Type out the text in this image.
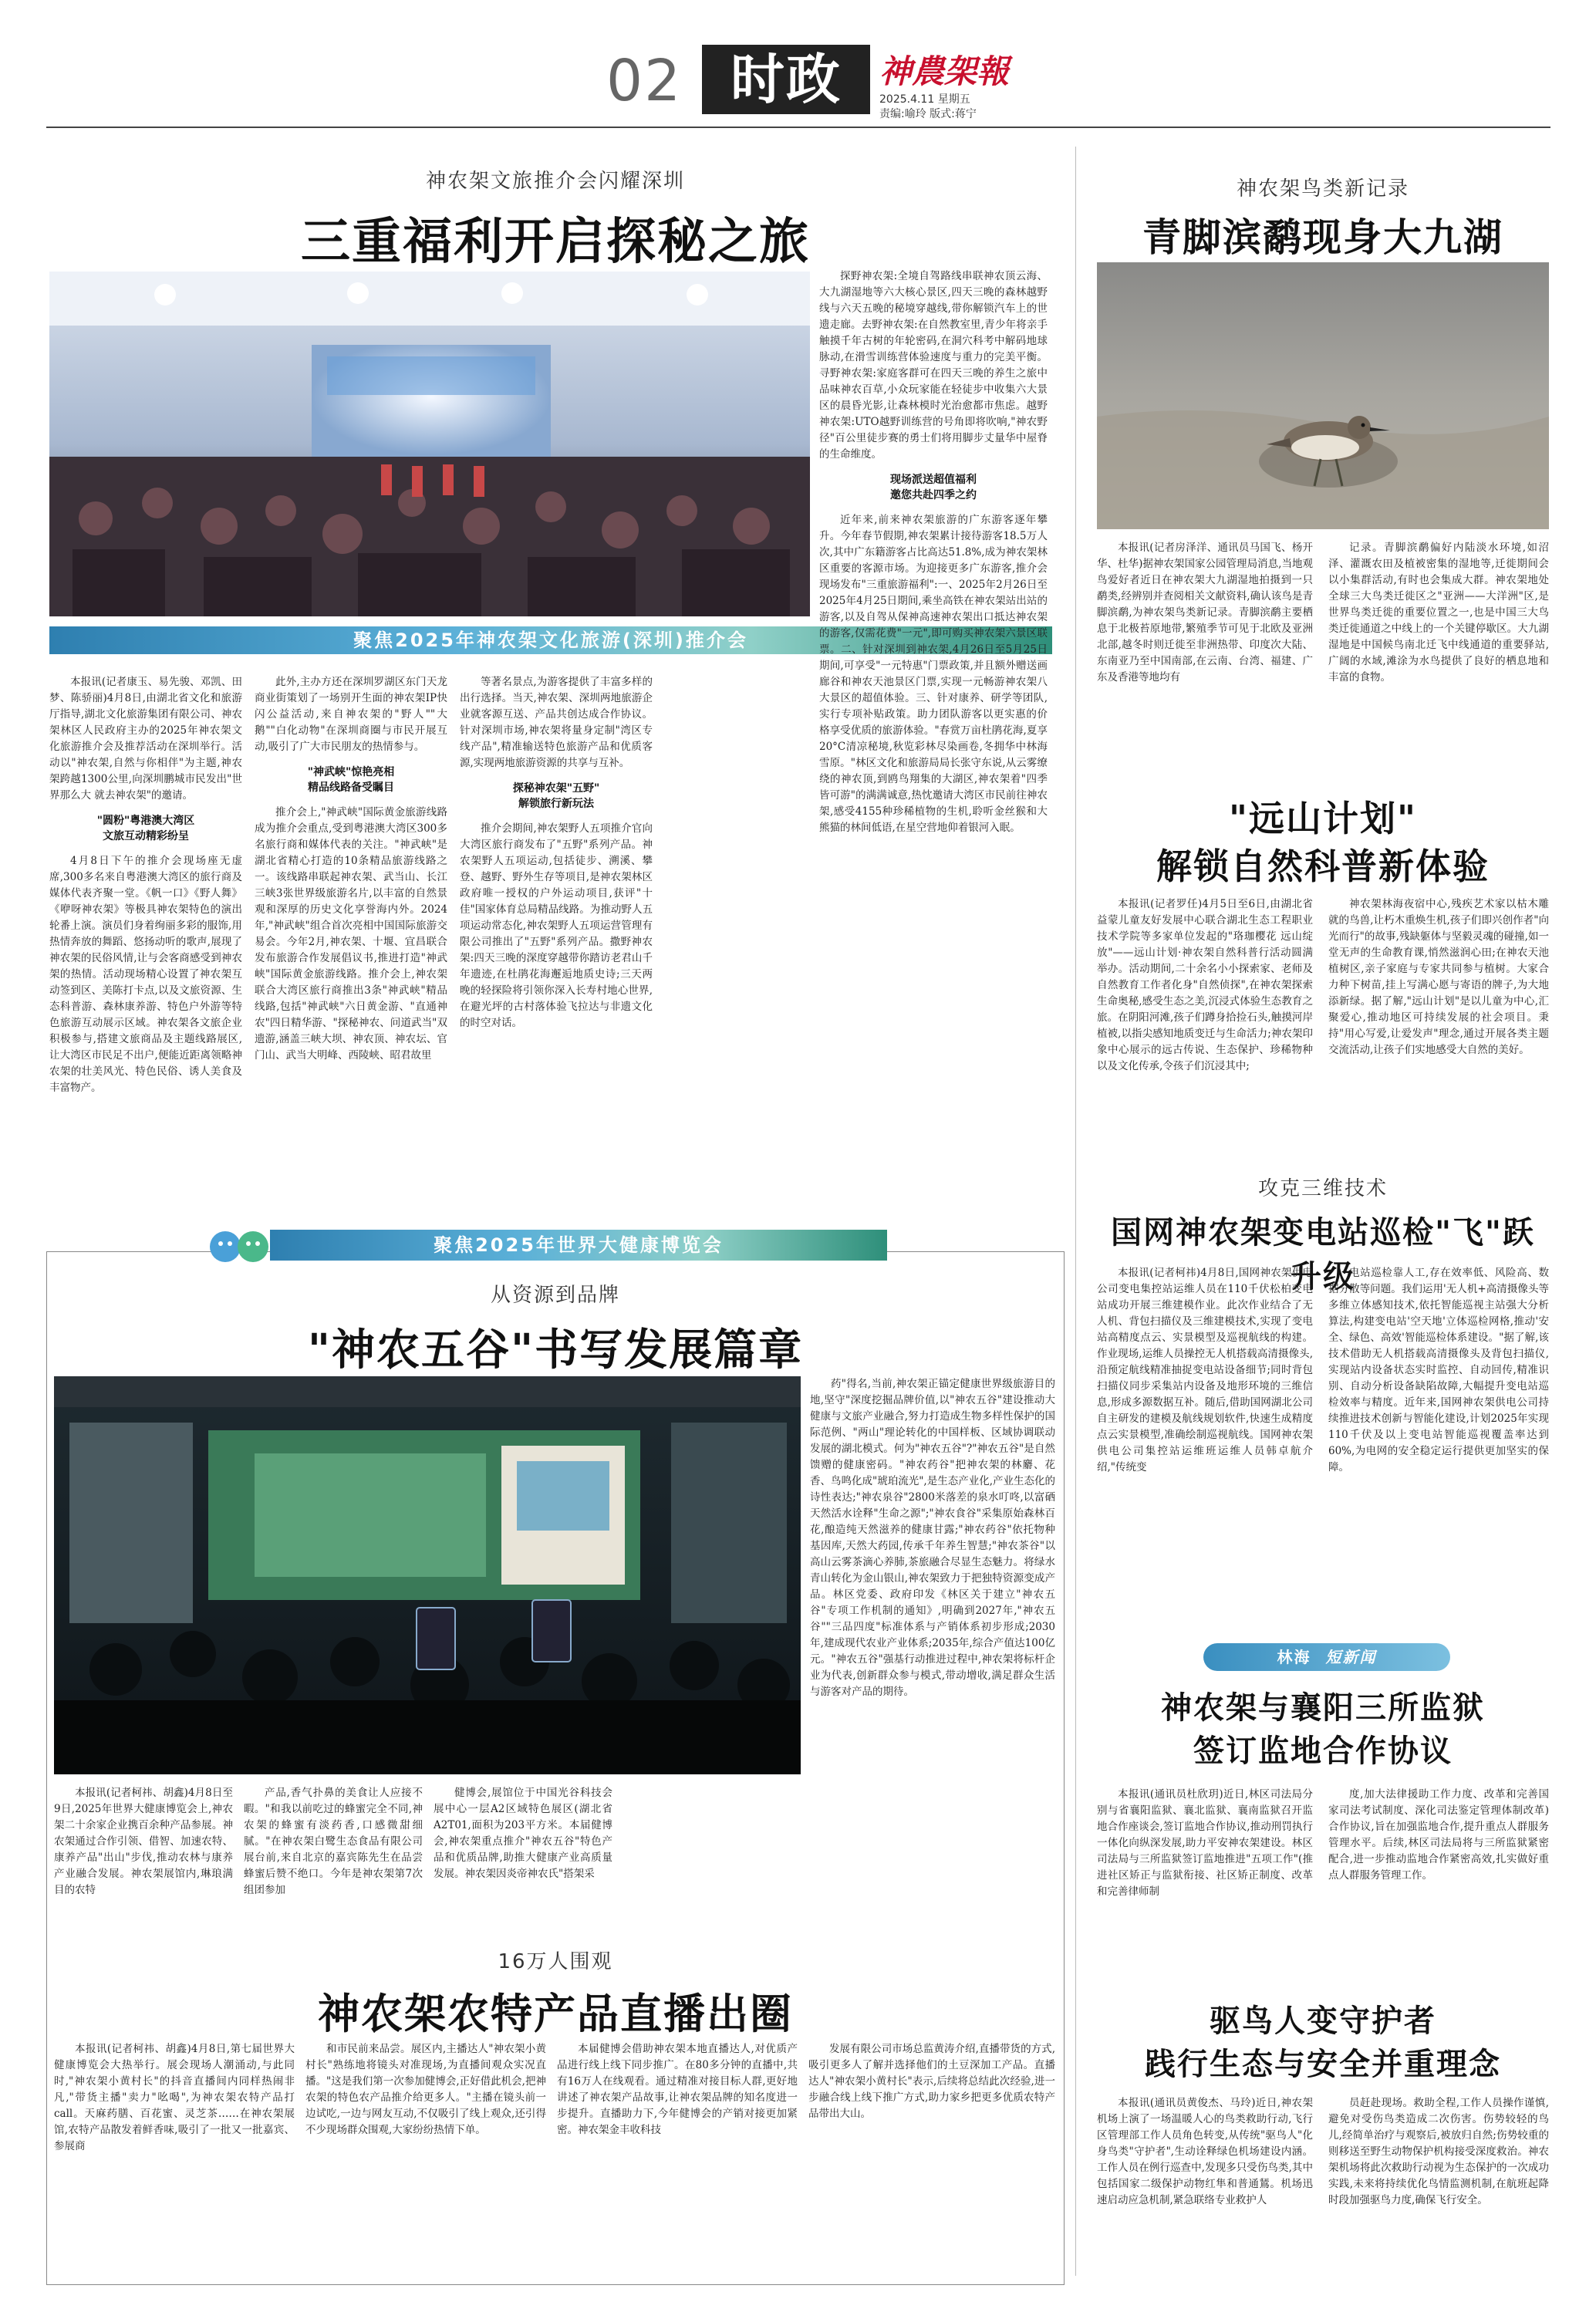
02 时政	神農架報
2025.4.11 星期五
责编:喻玲 版式:蒋宁
神农架文旅推介会闪耀深圳
三重福利开启探秘之旅
聚焦2025年神农架文化旅游(深圳)推介会

本报讯(记者康玉、易先骏、邓凯、田梦、陈骄丽)4月8日,由湖北省文化和旅游厅指导,湖北文化旅游集团有限公司、神农架林区人民政府主办的2025年神农架文化旅游推介会及推荐活动在深圳举行。活动以"神农架,自然与你相伴"为主题,神农架跨越1300公里,向深圳鹏城市民发出"世界那么大 就去神农架"的邀请。

"圆粉"粤港澳大湾区
文旅互动精彩纷呈

4月8日下午的推介会现场座无虚席,300多名来自粤港澳大湾区的旅行商及媒体代表齐聚一堂。《帆一口》《野人舞》《咿呀神农架》等极具神农架特色的演出轮番上演。演员们身着绚丽多彩的服饰,用热情奔放的舞蹈、悠扬动听的歌声,展现了神农架的民俗风情,让与会客商感受到神农架的热情。活动现场精心设置了神农架互动签到区、美陈打卡点,以及文旅资源、生态科普游、森林康养游、特色户外游等特色旅游互动展示区域。神农架各文旅企业积极参与,搭建文旅商品及主题线路展区,让大湾区市民足不出户,便能近距离领略神农架的壮美风光、特色民俗、诱人美食及丰富物产。

此外,主办方还在深圳罗湖区东门天龙商业街策划了一场别开生面的神农架IP快闪公益活动,来自神农架的"野人""大鹅""白化动物"在深圳商圈与市民开展互动,吸引了广大市民朋友的热情参与。

"神武峡"惊艳亮相
精品线路备受瞩目

推介会上,"神武峡"国际黄金旅游线路成为推介会重点,受到粤港澳大湾区300多名旅行商和媒体代表的关注。"神武峡"是湖北省精心打造的10条精品旅游线路之一。该线路串联起神农架、武当山、长江三峡3张世界级旅游名片,以丰富的自然景观和深厚的历史文化享誉海内外。2024年,"神武峡"组合首次亮相中国国际旅游交易会。今年2月,神农架、十堰、宜昌联合发布旅游合作发展倡议书,推进打造"神武峡"国际黄金旅游线路。推介会上,神农架联合大湾区旅行商推出3条"神武峡"精品线路,包括"神武峡"六日黄金游、"直通神农"四日精华游、"探秘神农、问道武当"双遗游,涵盖三峡大坝、神农顶、神农坛、官门山、武当大明峰、西陵峡、昭君故里

等著名景点,为游客提供了丰富多样的出行选择。当天,神农架、深圳两地旅游企业就客源互送、产品共创达成合作协议。针对深圳市场,神农架将量身定制"湾区专线产品",精准输送特色旅游产品和优质客源,实现两地旅游资源的共享与互补。

探秘神农架"五野"
解锁旅行新玩法

推介会期间,神农架野人五项推介官向大湾区旅行商发布了"五野"系列产品。神农架野人五项运动,包括徒步、溯溪、攀登、越野、野外生存等项目,是神农架林区政府唯一授权的户外运动项目,获评"十佳"国家体育总局精品线路。为推动野人五项运动常态化,神农架野人五项运营管理有限公司推出了"五野"系列产品。撒野神农架:四天三晚的深度穿越带你踏访老君山千年遗迹,在杜鹃花海邂逅地质史诗;三天两晚的轻探险将引领你深入长寿村地心世界,在避光坪的古村落体验飞拉达与非遗文化的时空对话。

探野神农架:全境自驾路线串联神农顶云海、大九湖湿地等六大核心景区,四天三晚的森林越野线与六天五晚的秘境穿越线,带你解锁汽车上的世遗走廊。去野神农架:在自然教室里,青少年将亲手触摸千年古树的年轮密码,在洞穴科考中解码地球脉动,在滑雪训练营体验速度与重力的完美平衡。寻野神农架:家庭客群可在四天三晚的养生之旅中品味神农百草,小众玩家能在轻徒步中收集六大景区的晨昏光影,让森林模时光治愈都市焦虑。越野神农架:UTO越野训练营的号角即将吹响,"神农野径"百公里徒步赛的勇士们将用脚步丈量华中屋脊的生命维度。

现场派送超值福利
邀您共赴四季之约

近年来,前来神农架旅游的广东游客逐年攀升。今年春节假期,神农架累计接待游客18.5万人次,其中广东籍游客占比高达51.8%,成为神农架林区重要的客源市场。为迎接更多广东游客,推介会现场发布"三重旅游福利":一、2025年2月26日至2025年4月25日期间,乘坐高铁在神农架站出站的游客,以及自驾从保神高速神农架出口抵达神农架的游客,仅需花费"一元",即可购买神农架六景区联票。二、针对深圳到神农架,4月26日至5月25日期间,可享受"一元特惠"门票政策,并且额外赠送画廊谷和神农天池景区门票,实现一元畅游神农架八大景区的超值体验。三、针对康养、研学等团队,实行专项补贴政策。助力团队游客以更实惠的价格享受优质的旅游体验。"春赏万亩杜鹃花海,夏享20°C清凉秘境,秋览彩林尽染画卷,冬拥华中林海雪原。"林区文化和旅游局局长张守东说,从云雾缭绕的神农顶,到鸥鸟翔集的大湖区,神农架着"四季皆可游"的满满诚意,热忱邀请大湾区市民前往神农架,感受4155种珍稀植物的生机,聆听金丝猴和大熊猫的林间低语,在星空营地仰着银河入眠。

神农架鸟类新记录
青脚滨鹬现身大九湖

本报讯(记者房泽洋、通讯员马国飞、杨开华、杜华)据神农架国家公园管理局消息,当地观鸟爱好者近日在神农架大九湖湿地拍摄到一只鹬类,经辨别并查阅相关文献资料,确认该鸟是青脚滨鹬,为神农架鸟类新记录。青脚滨鹬主要栖息于北极苔原地带,繁殖季节可见于北欧及亚洲北部,越冬时则迁徙至非洲热带、印度次大陆、东南亚乃至中国南部,在云南、台湾、福建、广东及香港等地均有

记录。青脚滨鹬偏好内陆淡水环境,如沼泽、灌溉农田及植被密集的湿地等,迁徙期间会以小集群活动,有时也会集成大群。神农架地处全球三大鸟类迁徙区之"亚洲——大洋洲"区,是世界鸟类迁徙的重要位置之一,也是中国三大鸟类迁徙通道之中线上的一个关键停歇区。大九湖湿地是中国候鸟南北迁飞中线通道的重要驿站,广阔的水域,滩涂为水鸟提供了良好的栖息地和丰富的食物。

"远山计划"
解锁自然科普新体验

本报讯(记者罗任)4月5日至6日,由湖北省益蒙儿童友好发展中心联合湖北生态工程职业技术学院等多家单位发起的"珞珈樱花 远山绽放"——远山计划·神农架自然科普行活动圆满举办。活动期间,二十余名小小探索家、老师及自然教育工作者化身"自然侦探",在神农架探索生命奥秘,感受生态之美,沉浸式体验生态教育之旅。在阴阳河滩,孩子们蹲身拾捡石头,触摸河岸植被,以指尖感知地质变迁与生命活力;神农架印象中心展示的远古传说、生态保护、珍稀物种以及文化传承,令孩子们沉浸其中;

神农架林海夜宿中心,残疾艺术家以枯木雕就的鸟兽,让朽木重焕生机,孩子们即兴创作者"向光而行"的故事,残缺躯体与坚毅灵魂的碰撞,如一堂无声的生命教育课,悄然滋润心田;在神农天池植树区,亲子家庭与专家共同参与植树。大家合力种下树苗,挂上写满心愿与寄语的牌子,为大地添新绿。据了解,"远山计划"是以儿童为中心,汇聚爱心,推动地区可持续发展的社会项目。秉持"用心写爱,让爱发声"理念,通过开展各类主题交流活动,让孩子们实地感受大自然的美好。

攻克三维技术
国网神农架变电站巡检"飞"跃升级

本报讯(记者柯祎)4月8日,国网神农架供电公司变电集控站运维人员在110千伏松柏变电站成功开展三维建模作业。此次作业结合了无人机、背包扫描仪及三维建模技术,实现了变电站高精度点云、实景模型及巡视航线的构建。作业现场,运维人员操控无人机搭载高清摄像头,沿预定航线精准抽捉变电站设备细节;同时背包扫描仪同步采集站内设备及地形环境的三维信息,形成多源数据互补。随后,借助国网湖北公司自主研发的建模及航线规划软件,快速生成精度点云实景模型,准确绘制巡视航线。国网神农架供电公司集控站运维班运维人员韩卓航介绍,"传统变

电站巡检靠人工,存在效率低、风险高、数据分散等问题。我们运用'无人机+高清摄像头等多维立体感知技术,依托智能巡视主站强大分析算法,构建变电站'空天地'立体巡检网格,推动'安全、绿色、高效'智能巡检体系建设。"据了解,该技术借助无人机搭载高清摄像头及背包扫描仪,实现站内设备状态实时监控、自动回传,精准识别、自动分析设备缺陷故障,大幅提升变电站巡检效率与精度。近年来,国网神农架供电公司持续推进技术创新与智能化建设,计划2025年实现110千伏及以上变电站智能巡视覆盖率达到60%,为电网的安全稳定运行提供更加坚实的保障。

林海 短新闻
神农架与襄阳三所监狱
签订监地合作协议

本报讯(通讯员杜欣玥)近日,林区司法局分别与省襄阳监狱、襄北监狱、襄南监狱召开监地合作座谈会,签订监地合作协议,推动刑罚执行一体化向纵深发展,助力平安神农架建设。林区司法局与三所监狱签订监地推进"五项工作"(推进社区矫正与监狱衔接、社区矫正制度、改革和完善律师制

度,加大法律援助工作力度、改革和完善国家司法考试制度、深化司法鉴定管理体制改革)合作协议,旨在加强监地合作,提升重点人群服务管理水平。后续,林区司法局将与三所监狱紧密配合,进一步推动监地合作紧密高效,扎实做好重点人群服务管理工作。

驱鸟人变守护者
践行生态与安全并重理念

本报讯(通讯员黄俊杰、马玲)近日,神农架机场上演了一场温暖人心的鸟类救助行动,飞行区管理部工作人员角色转变,从传统"驱鸟人"化身鸟类"守护者",生动诠释绿色机场建设内涵。工作人员在例行巡查中,发现多只受伤鸟类,其中包括国家二级保护动物红隼和普通鵟。机场迅速启动应急机制,紧急联络专业救护人

员赶赴现场。救助全程,工作人员操作谨慎,避免对受伤鸟类造成二次伤害。伤势较轻的鸟儿,经简单治疗与观察后,被放归自然;伤势较重的则移送至野生动物保护机构接受深度救治。神农架机场将此次救助行动视为生态保护的一次成功实践,未来将持续优化鸟情监测机制,在航班起降时段加强驱鸟力度,确保飞行安全。

聚焦2025年世界大健康博览会
从资源到品牌
"神农五谷"书写发展篇章

本报讯(记者柯祎、胡鑫)4月8日至9日,2025年世界大健康博览会上,神农架二十余家企业携百余种产品参展。神农架通过合作引领、借智、加速农特、康养产品"出山"步伐,推动农林与康养产业融合发展。神农架展馆内,琳琅满目的农特

产品,香气扑鼻的美食让人应接不暇。"和我以前吃过的蜂蜜完全不同,神农架的蜂蜜有淡药香,口感微甜细腻。"在神农架白鹭生态食品有限公司展台前,来自北京的嘉宾陈先生在品尝蜂蜜后赞不绝口。今年是神农架第7次组团参加

健博会,展馆位于中国光谷科技会展中心一层A2区域特色展区(湖北省A2T01,面积为203平方米。本届健博会,神农架重点推介"神农五谷"特色产品和优质品牌,助推大健康产业高质量发展。神农架因炎帝神农氏"搭架采

药"得名,当前,神农架正锚定健康世界级旅游目的地,坚守"深度挖掘品牌价值,以"神农五谷"建设推动大健康与文旅产业融合,努力打造成生物多样性保护的国际范例、"两山"理论转化的中国样板、区域协调联动发展的湖北模式。何为"神农五谷"?"神农五谷"是自然馈赠的健康密码。"神农药谷"把神农架的林麝、花香、鸟鸣化成"琥珀流光",是生态产业化,产业生态化的诗性表达;"神农泉谷"2800米落差的泉水叮咚,以富硒天然活水诠释"生命之源";"神农食谷"采集原始森林百花,酿造纯天然滋养的健康甘露;"神农药谷"依托物种基因库,天然大药园,传承千年养生智慧;"神农茶谷"以高山云雾茶滴心养肺,茶旅融合尽显生态魅力。将绿水青山转化为金山银山,神农架致力于把独特资源变成产品。林区党委、政府印发《林区关于建立"神农五谷"专项工作机制的通知》,明确到2027年,"神农五谷""三品四度"标准体系与产销体系初步形成;2030年,建成现代农业产业体系;2035年,综合产值达100亿元。"神农五谷"强基行动推进过程中,神农架将标杆企业为代表,创新群众参与模式,带动增收,满足群众生活与游客对产品的期待。

16万人围观
神农架农特产品直播出圈

本报讯(记者柯祎、胡鑫)4月8日,第七届世界大健康博览会大热举行。展会现场人潮涌动,与此同时,"神农架小黄村长"的抖音直播间内同样热闹非凡,"带货主播"卖力"吆喝",为神农架农特产品打call。天麻药膳、百花蜜、灵芝茶……在神农架展馆,农特产品散发着鲜香味,吸引了一批又一批嘉宾、参展商

和市民前来品尝。展区内,主播达人"神农架小黄村长"熟练地将镜头对准现场,为直播间观众实况直播。"这是我们第一次参加健博会,正好借此机会,把神农架的特色农产品推介给更多人。"主播在镜头前一边试吃,一边与网友互动,不仅吸引了线上观众,还引得不少现场群众围观,大家纷纷热情下单。

本届健博会借助神农架本地直播达人,对优质产品进行线上线下同步推广。在80多分钟的直播中,共有16万人在线观看。通过精准对接目标人群,更好地讲述了神农架产品故事,让神农架品牌的知名度进一步提升。直播助力下,今年健博会的产销对接更加紧密。神农架金丰收科技

发展有限公司市场总监黄涛介绍,直播带货的方式,吸引更多人了解并选择他们的土豆深加工产品。直播达人"神农架小黄村长"表示,后续将总结此次经验,进一步融合线上线下推广方式,助力家乡把更多优质农特产品带出大山。
